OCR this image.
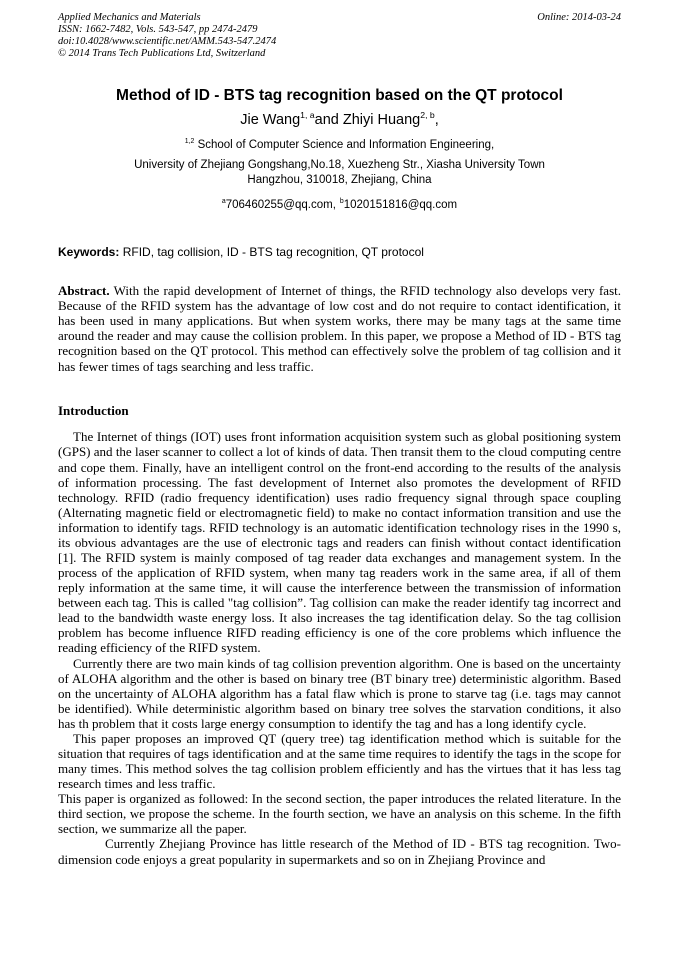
Applied Mechanics and Materials
ISSN: 1662-7482, Vols. 543-547, pp 2474-2479
doi:10.4028/www.scientific.net/AMM.543-547.2474
© 2014 Trans Tech Publications Ltd, Switzerland
Online: 2014-03-24
Method of ID - BTS tag recognition based on the QT protocol
Jie Wang$^{1, a}$and Zhiyi Huang$^{2, b}$,
$^{1,2}$ School of Computer Science and Information Engineering,
University of Zhejiang Gongshang,No.18, Xuezheng Str., Xiasha University Town
Hangzhou, 310018, Zhejiang, China
$^a$706460255@qq.com, $^b$1020151816@qq.com
Keywords: RFID, tag collision, ID - BTS tag recognition, QT protocol

Abstract. With the rapid development of Internet of things, the RFID technology also develops very fast. Because of the RFID system has the advantage of low cost and do not require to contact identification, it has been used in many applications. But when system works, there may be many tags at the same time around the reader and may cause the collision problem. In this paper, we propose a Method of ID - BTS tag recognition based on the QT protocol. This method can effectively solve the problem of tag collision and it has fewer times of tags searching and less traffic.

Introduction

The Internet of things (IOT) uses front information acquisition system such as global positioning system (GPS) and the laser scanner to collect a lot of kinds of data. Then transit them to the cloud computing centre and cope them. Finally, have an intelligent control on the front-end according to the results of the analysis of information processing. The fast development of Internet also promotes the development of RFID technology. RFID (radio frequency identification) uses radio frequency signal through space coupling (Alternating magnetic field or electromagnetic field) to make no contact information transition and use the information to identify tags. RFID technology is an automatic identification technology rises in the 1990 s, its obvious advantages are the use of electronic tags and readers can finish without contact identification [1]. The RFID system is mainly composed of tag reader data exchanges and management system. In the process of the application of RFID system, when many tag readers work in the same area, if all of them reply information at the same time, it will cause the interference between the transmission of information between each tag. This is called "tag collision”. Tag collision can make the reader identify tag incorrect and lead to the bandwidth waste energy loss. It also increases the tag identification delay. So the tag collision problem has become influence RIFD reading efficiency is one of the core problems which influence the reading efficiency of the RIFD system.

Currently there are two main kinds of tag collision prevention algorithm. One is based on the uncertainty of ALOHA algorithm and the other is based on binary tree (BT binary tree) deterministic algorithm. Based on the uncertainty of ALOHA algorithm has a fatal flaw which is prone to starve tag (i.e. tags may cannot be identified). While deterministic algorithm based on binary tree solves the starvation conditions, it also has th problem that it costs large energy consumption to identify the tag and has a long identify cycle.

This paper proposes an improved QT (query tree) tag identification method which is suitable for the situation that requires of tags identification and at the same time requires to identify the tags in the scope for many times. This method solves the tag collision problem efficiently and has the virtues that it has less tag research times and less traffic.

This paper is organized as followed: In the second section, the paper introduces the related literature. In the third section, we propose the scheme. In the fourth section, we have an analysis on this scheme. In the fifth section, we summarize all the paper.

Currently Zhejiang Province has little research of the Method of ID - BTS tag recognition. Two-dimension code enjoys a great popularity in supermarkets and so on in Zhejiang Province and
